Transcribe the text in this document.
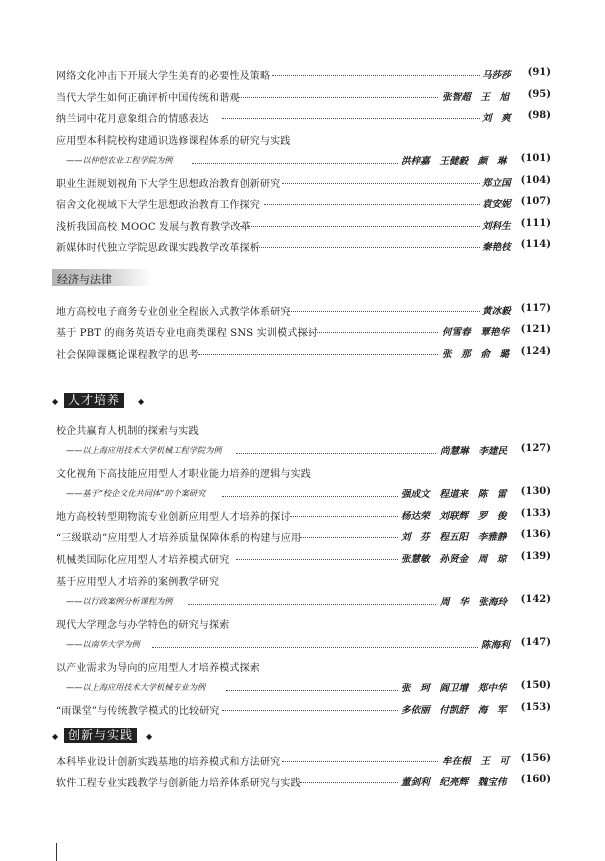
网络文化冲击下开展大学生美育的必要性及策略	马莎莎	(91)
当代大学生如何正确评析中国传统和谐观	张智超　王　旭	(95)
纳兰词中花月意象组合的情感表达	刘　爽	(98)
应用型本科院校构建通识选修课程体系的研究与实践
——以仲恺农业工程学院为例	洪梓嘉　王健毅　颜　琳	(101)
职业生涯规划视角下大学生思想政治教育创新研究	郑立国 (104)
宿舍文化视域下大学生思想政治教育工作探究	袁安妮 (107)
浅析我国高校 MOOC 发展与教育教学改革	刘科生 (111)
新媒体时代独立学院思政课实践教学改革探析	秦艳枝 (114)
经济与法律
地方高校电子商务专业创业全程嵌入式教学体系研究	黄冰毅 (117)
基于 PBT 的商务英语专业电商类课程 SNS 实训模式探讨	何雪春　覃艳华	(121)
社会保障课概论课程教学的思考	张　那　俞　璐	(124)
◆ 人才培养	◆
校企共赢育人机制的探索与实践
——以上海应用技术大学机械工程学院为例	尚慧琳　李建民	(127)
文化视角下高技能应用型人才职业能力培养的逻辑与实践
——基于“校企文化共同体”的个案研究	强成文　程道来　陈　雷	(130)
地方高校转型期物流专业创新应用型人才培养的探讨	杨达荣　刘联辉　罗　俊	(133)
“三级联动”应用型人才培养质量保障体系的构建与应用	刘　芬　程五阳　李雅静	(136)
机械类国际化应用型人才培养模式研究	张慧敏　孙贤金　周　琼	(139)
基于应用型人才培养的案例教学研究
——以行政案例分析课程为例	周　华　张海玲	(142)
现代大学理念与办学特色的研究与探索
——以南华大学为例	陈海利	(147)
以产业需求为导向的应用型人才培养模式探索
——以上海应用技术大学机械专业为例	张　珂　阎卫增　郑中华	(150)
“雨课堂”与传统教学模式的比较研究	多依丽　付凯舒　海　军	(153)
◆ 创新与实践	◆
本科毕业设计创新实践基地的培养模式和方法研究	牟在根　王　可	(156)
软件工程专业实践教学与创新能力培养体系研究与实践	董剑利　纪亮辉　魏宝伟	(160)
